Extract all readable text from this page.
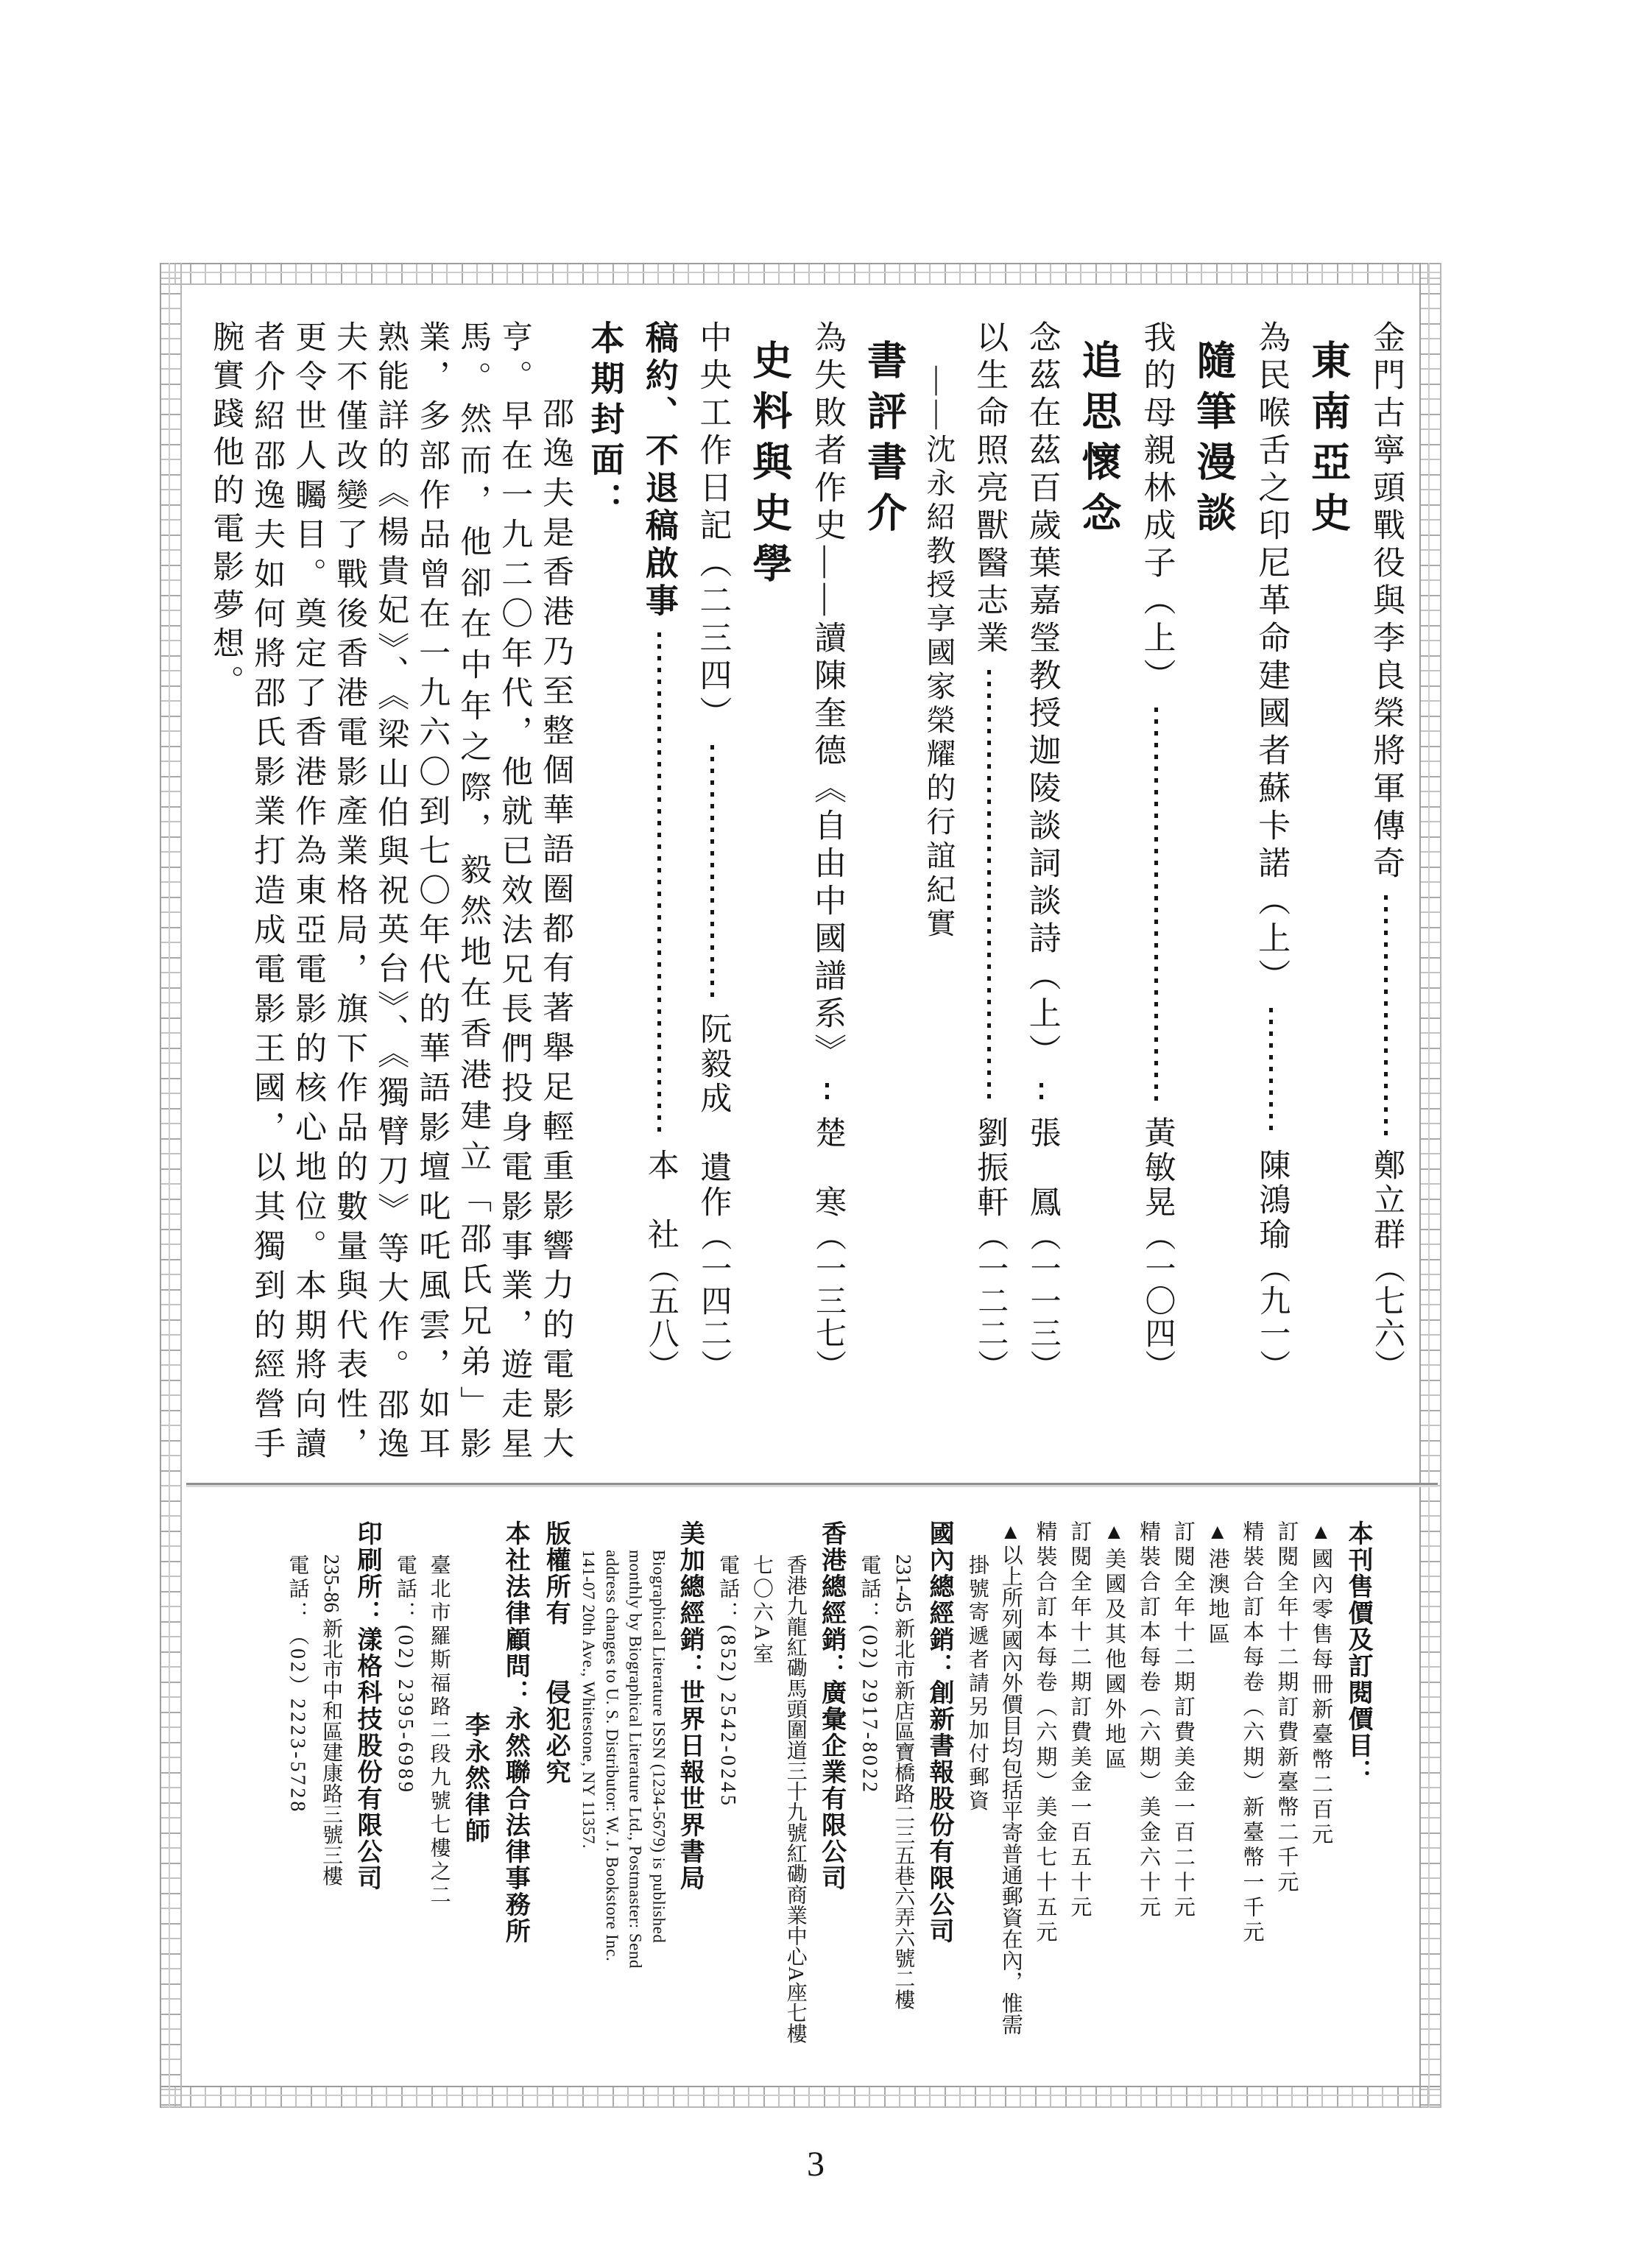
金門古寧頭戰役與李良榮將軍傳奇
鄭立群
（七六）
東南亞史
為民喉舌之印尼革命建國者蘇卡諾（上）
陳鴻瑜
（九一）
隨筆漫談
我的母親林成子（上）
黃敏晃
（一〇四）
追思懷念
念茲在茲百歲葉嘉瑩教授迦陵談詞談詩（上）
張　鳳
（一一三）
以生命照亮獸醫志業
劉振軒
（一二二）
——沈永紹教授享國家榮耀的行誼紀實
書評書介
為失敗者作史——讀陳奎德《自由中國譜系》
楚　寒
（一三七）
史料與史學
中央工作日記（二三四）
阮毅成　遺作
（一四二）
稿約、不退稿啟事
本　社
（五八）
本期封面：
邵逸夫是香港乃至整個華語圈都有著舉足輕重影響力的電影大亨。早在一九二〇年代，他就已效法兄長們投身電影事業，遊走星馬。然而，他卻在中年之際，毅然地在香港建立「邵氏兄弟」影業，多部作品曾在一九六〇到七〇年代的華語影壇叱吒風雲，如耳熟能詳的《楊貴妃》、《梁山伯與祝英台》、《獨臂刀》等大作。邵逸夫不僅改變了戰後香港電影產業格局，旗下作品的數量與代表性，更令世人矚目。奠定了香港作為東亞電影的核心地位。本期將向讀者介紹邵逸夫如何將邵氏影業打造成電影王國，以其獨到的經營手腕實踐他的電影夢想。
本刊售價及訂閱價目：
▲國內零售每冊新臺幣二百元
訂閱全年十二期訂費新臺幣二千元
精裝合訂本每卷（六期）新臺幣一千元
▲港澳地區
訂閱全年十二期訂費美金一百二十元
精裝合訂本每卷（六期）美金六十元
▲美國及其他國外地區
訂閱全年十二期訂費美金一百五十元
精裝合訂本每卷（六期）美金七十五元
▲以上所列國內外價目均包括平寄普通郵資在內，惟需
掛號寄遞者請另加付郵資
國內總經銷：創新書報股份有限公司
231-45 新北市新店區寶橋路二三五巷六弄六號二樓
電話：(02) 2917-8022
香港總經銷：廣彙企業有限公司
香港九龍紅磡馬頭圍道三十九號紅磡商業中心A座七樓
七〇六A室
電話：(852) 2542-0245
美加總經銷：世界日報世界書局
Biographical Literature ISSN (1234-5679) is published
monthly by Biographical Literature Ltd., Postmaster: Send
address changes to U. S. Distributor: W. J. Bookstore Inc.
141-07 20th Ave., Whitestone, NY 11357.
版權所有　　侵犯必究
本社法律顧問：永然聯合法律事務所
李永然律師
臺北市羅斯福路二段九號七樓之二
電話：(02) 2395-6989
印刷所：漾格科技股份有限公司
235-86 新北市中和區建康路三號三樓
電話：（02）2223-5728
3
